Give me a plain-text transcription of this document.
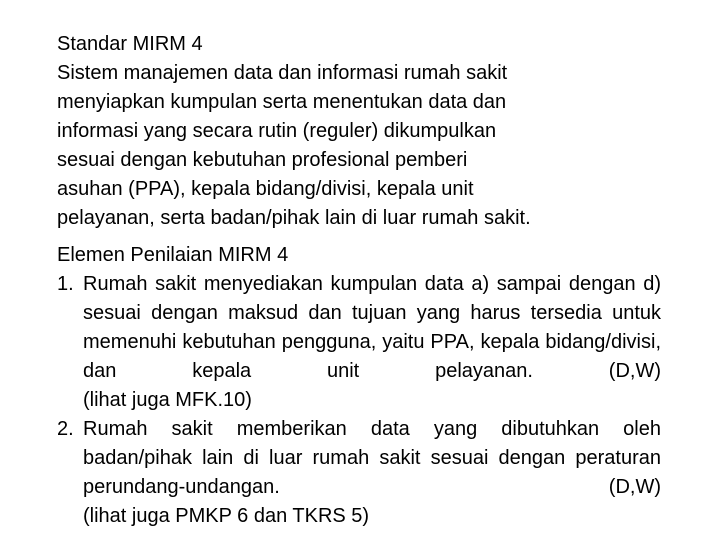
Standar MIRM 4

Sistem manajemen data dan informasi rumah sakit
menyiapkan kumpulan serta menentukan data dan
informasi yang secara rutin (reguler) dikumpulkan
sesuai dengan kebutuhan profesional pemberi
asuhan (PPA), kepala bidang/divisi, kepala unit
pelayanan, serta badan/pihak lain di luar rumah sakit.

Elemen Penilaian MIRM 4

1. Rumah sakit menyediakan kumpulan data a) sampai dengan d) sesuai dengan maksud dan tujuan yang harus tersedia untuk memenuhi kebutuhan pengguna, yaitu PPA, kepala bidang/divisi, dan kepala unit pelayanan. (D,W)
(lihat juga MFK.10)
2. Rumah sakit memberikan data yang dibutuhkan oleh badan/pihak lain di luar rumah sakit sesuai dengan peraturan perundang-undangan. (D,W)
(lihat juga PMKP 6 dan TKRS 5)
